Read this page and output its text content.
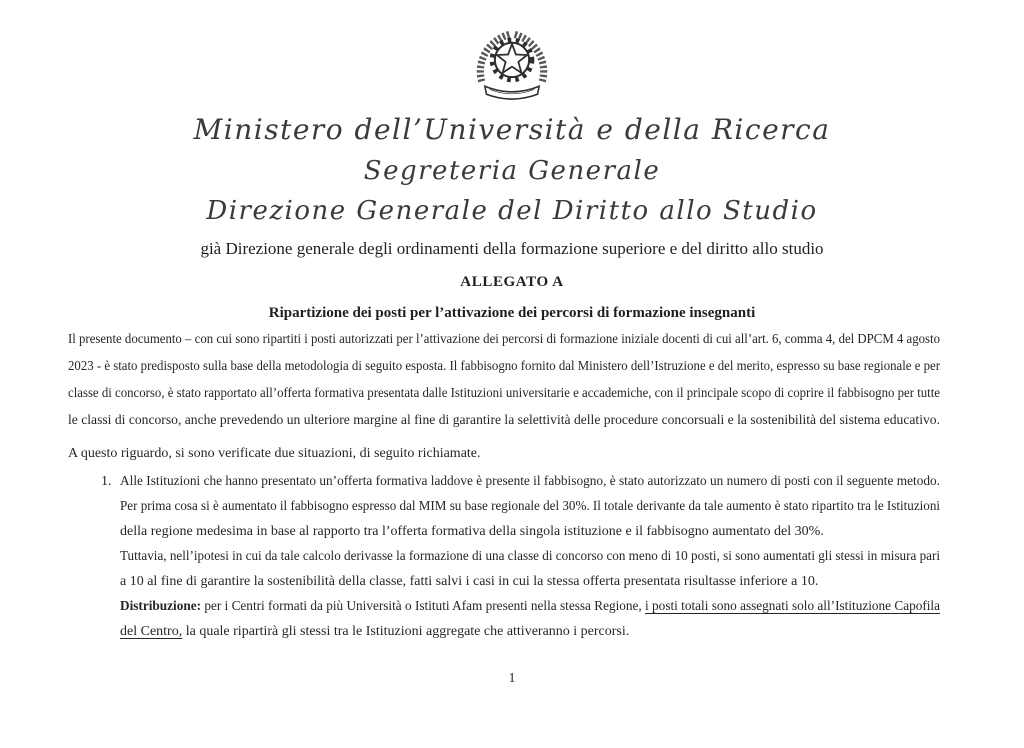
Ministero dell’Università e della Ricerca
Segreteria Generale
Direzione Generale del Diritto allo Studio
già Direzione generale degli ordinamenti della formazione superiore e del diritto allo studio
ALLEGATO A
Ripartizione dei posti per l’attivazione dei percorsi di formazione insegnanti
Il presente documento – con cui sono ripartiti i posti autorizzati per l’attivazione dei percorsi di formazione iniziale docenti di cui all’art. 6, comma 4, del DPCM 4 agosto
2023 - è stato predisposto sulla base della metodologia di seguito esposta. Il fabbisogno fornito dal Ministero dell’Istruzione e del merito, espresso su base regionale e per
classe di concorso, è stato rapportato all’offerta formativa presentata dalle Istituzioni universitarie e accademiche, con il principale scopo di coprire il fabbisogno per tutte
le classi di concorso, anche prevedendo un ulteriore margine al fine di garantire la selettività delle procedure concorsuali e la sostenibilità del sistema educativo.
A questo riguardo, si sono verificate due situazioni, di seguito richiamate.
1. Alle Istituzioni che hanno presentato un’offerta formativa laddove è presente il fabbisogno, è stato autorizzato un numero di posti con il seguente metodo.
Per prima cosa si è aumentato il fabbisogno espresso dal MIM su base regionale del 30%. Il totale derivante da tale aumento è stato ripartito tra le Istituzioni
della regione medesima in base al rapporto tra l’offerta formativa della singola istituzione e il fabbisogno aumentato del 30%.
Tuttavia, nell’ipotesi in cui da tale calcolo derivasse la formazione di una classe di concorso con meno di 10 posti, si sono aumentati gli stessi in misura pari
a 10 al fine di garantire la sostenibilità della classe, fatti salvi i casi in cui la stessa offerta presentata risultasse inferiore a 10.
Distribuzione: per i Centri formati da più Università o Istituti Afam presenti nella stessa Regione, i posti totali sono assegnati solo all’Istituzione Capofila
del Centro, la quale ripartirà gli stessi tra le Istituzioni aggregate che attiveranno i percorsi.
1
